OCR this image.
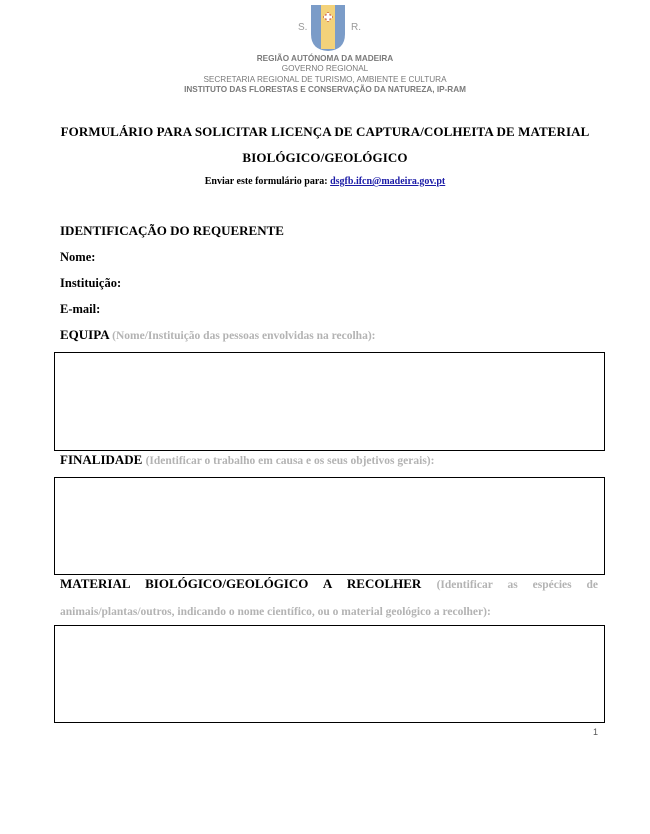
S.	R.
REGIÃO AUTÓNOMA DA MADEIRA
GOVERNO REGIONAL
SECRETARIA REGIONAL DE TURISMO, AMBIENTE E CULTURA
INSTITUTO DAS FLORESTAS E CONSERVAÇÃO DA NATUREZA, IP-RAM
FORMULÁRIO PARA SOLICITAR LICENÇA DE CAPTURA/COLHEITA DE MATERIAL
BIOLÓGICO/GEOLÓGICO
Enviar este formulário para: dsgfb.ifcn@madeira.gov.pt
IDENTIFICAÇÃO DO REQUERENTE
Nome:
Instituição:
E-mail:
EQUIPA (Nome/Instituição das pessoas envolvidas na recolha):
FINALIDADE (Identificar o trabalho em causa e os seus objetivos gerais):
MATERIAL BIOLÓGICO/GEOLÓGICO A RECOLHER (Identificar as espécies de animais/plantas/outros, indicando o nome científico, ou o material geológico a recolher):
1
